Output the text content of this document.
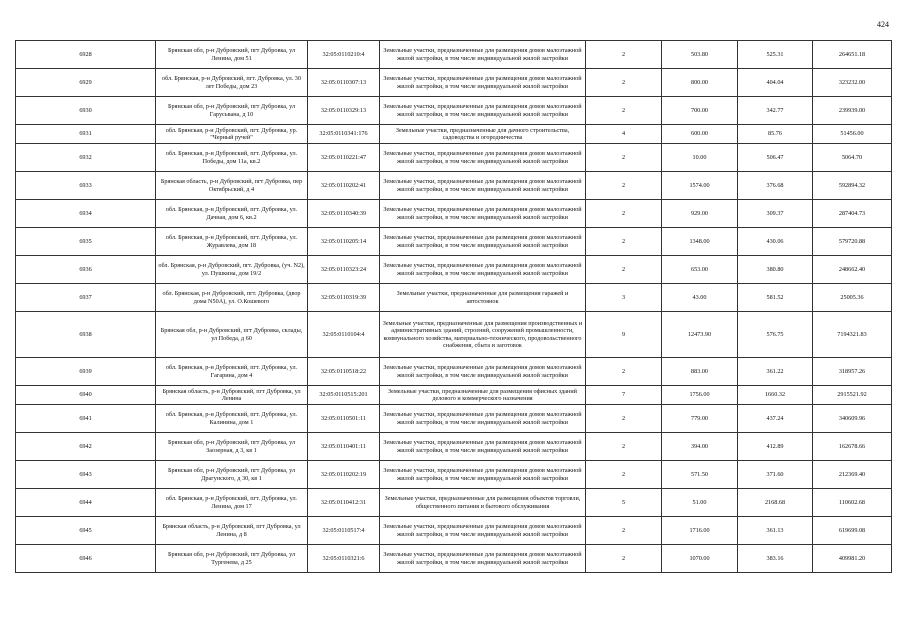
424
6928	Брянская обл, р-н Дубровский, пгт Дубровка, ул Ленина, дом 51	32:05:0110210:4	Земельные участки, предназначенные для размещения домов малоэтажной жилой застройки, в том числе индивидуальной жилой застройки	2	503.80	525.31	264651.18
6929	обл. Брянская, р-н Дубровский, пгт. Дубровка, ул. 30 лет Победы, дом 23	32:05:0110307:13	Земельные участки, предназначенные для размещения домов малоэтажной жилой застройки, в том числе индивидуальной жилой застройки	2	800.00	404.04	323232.00
6930	Брянская обл, р-н Дубровский, пгт Дубровка, ул Гарусьвана, д 10	32:05:0110329:13	Земельные участки, предназначенные для размещения домов малоэтажной жилой застройки, в том числе индивидуальной жилой застройки	2	700.00	342.77	239939.00
6931	обл. Брянская, р-н Дубровский, пгт. Дубровка, ур. "Черный ручей"	32:05:0110341:176	Земельные участки, предназначенные для дачного строительства, садоводства и огородничества	4	600.00	85.76	51456.00
6932	обл. Брянская, р-н Дубровский, пгт. Дубровка, ул. Победы, дом 11а, кв.2	32:05:0110221:47	Земельные участки, предназначенные для размещения домов малоэтажной жилой застройки, в том числе индивидуальной жилой застройки	2	10.00	506.47	5064.70
6933	Брянская область, р-н Дубровский, пгт Дубровка, пер Октябрьский, д 4	32:05:0110202:41	Земельные участки, предназначенные для размещения домов малоэтажной жилой застройки, в том числе индивидуальной жилой застройки	2	1574.00	376.68	592894.32
6934	обл. Брянская, р-н Дубровский, пгт. Дубровка, ул. Дачная, дом 6, кв.2	32:05:0110340:39	Земельные участки, предназначенные для размещения домов малоэтажной жилой застройки, в том числе индивидуальной жилой застройки	2	929.00	309.37	287404.73
6935	обл. Брянская, р-н Дубровский, пгт. Дубровка, ул. Журавлева, дом 18	32:05:0110205:14	Земельные участки, предназначенные для размещения домов малоэтажной жилой застройки, в том числе индивидуальной жилой застройки	2	1348.00	430.06	579720.88
6936	обл. Брянская, р-н Дубровский, пгт. Дубровка, (уч. N2), ул. Пушкина, дом 19/2	32:05:0110323:24	Земельные участки, предназначенные для размещения домов малоэтажной жилой застройки, в том числе индивидуальной жилой застройки	2	653.00	380.80	248662.40
6937	обл. Брянская, р-н Дубровский, пгт. Дубровка, (двор дома N50А), ул. О.Кошевого	32:05:0110319:39	Земельные участки, предназначенные для размещения гаражей и автостоянок	3	43.00	581.52	25005.36
6938	Брянская обл, р-н Дубровский, пгт Дубровка, склады, ул Победа, д 60	32:05:0110104:4	Земельные участки, предназначенные для размещения производственных и административных зданий, строений, сооружений промышленности, коммунального хозяйства, материально-технического, продовольственного снабжения, сбыта и заготовок	9	12473.90	576.75	7194321.83
6939	обл. Брянская, р-н Дубровский, пгт. Дубровка, ул. Гагарина, дом 4	32:05:0110518:22	Земельные участки, предназначенные для размещения домов малоэтажной жилой застройки, в том числе индивидуальной жилой застройки	2	883.00	361.22	318957.26
6940	Брянская область, р-н Дубровский, пгт Дубровка, ул Ленина	32:05:0110515:201	Земельные участки, предназначенные для размещения офисных зданий делового и коммерческого назначения	7	1756.00	1660.32	2915521.92
6941	обл. Брянская, р-н Дубровский, пгт. Дубровка, ул. Калинина, дом 1	32:05:0110501:11	Земельные участки, предназначенные для размещения домов малоэтажной жилой застройки, в том числе индивидуальной жилой застройки	2	779.00	437.24	340609.96
6942	Брянская обл, р-н Дубровский, пгт Дубровка, ул Заозерная, д 3, кв 1	32:05:0110401:11	Земельные участки, предназначенные для размещения домов малоэтажной жилой застройки, в том числе индивидуальной жилой застройки	2	394.00	412.89	162678.66
6943	Брянская обл, р-н Дубровский, пгт Дубровка, ул Драгунского, д 30, кв 1	32:05:0110202:19	Земельные участки, предназначенные для размещения домов малоэтажной жилой застройки, в том числе индивидуальной жилой застройки	2	571.50	371.60	212369.40
6944	обл. Брянская, р-н Дубровский, пгт. Дубровка, ул. Ленина, дом 17	32:05:0110412:31	Земельные участки, предназначенные для размещения объектов торговли, общественного питания и бытового обслуживания	5	51.00	2168.68	110602.68
6945	Брянская область, р-н Дубровский, пгт Дубровка, ул Ленина, д 8	32:05:0110517:4	Земельные участки, предназначенные для размещения домов малоэтажной жилой застройки, в том числе индивидуальной жилой застройки	2	1716.00	361.13	619699.08
6946	Брянская обл, р-н Дубровский, пгт Дубровка, ул Тургенева, д 25	32:05:0110321:6	Земельные участки, предназначенные для размещения домов малоэтажной жилой застройки, в том числе индивидуальной жилой застройки	2	1070.00	383.16	409981.20
